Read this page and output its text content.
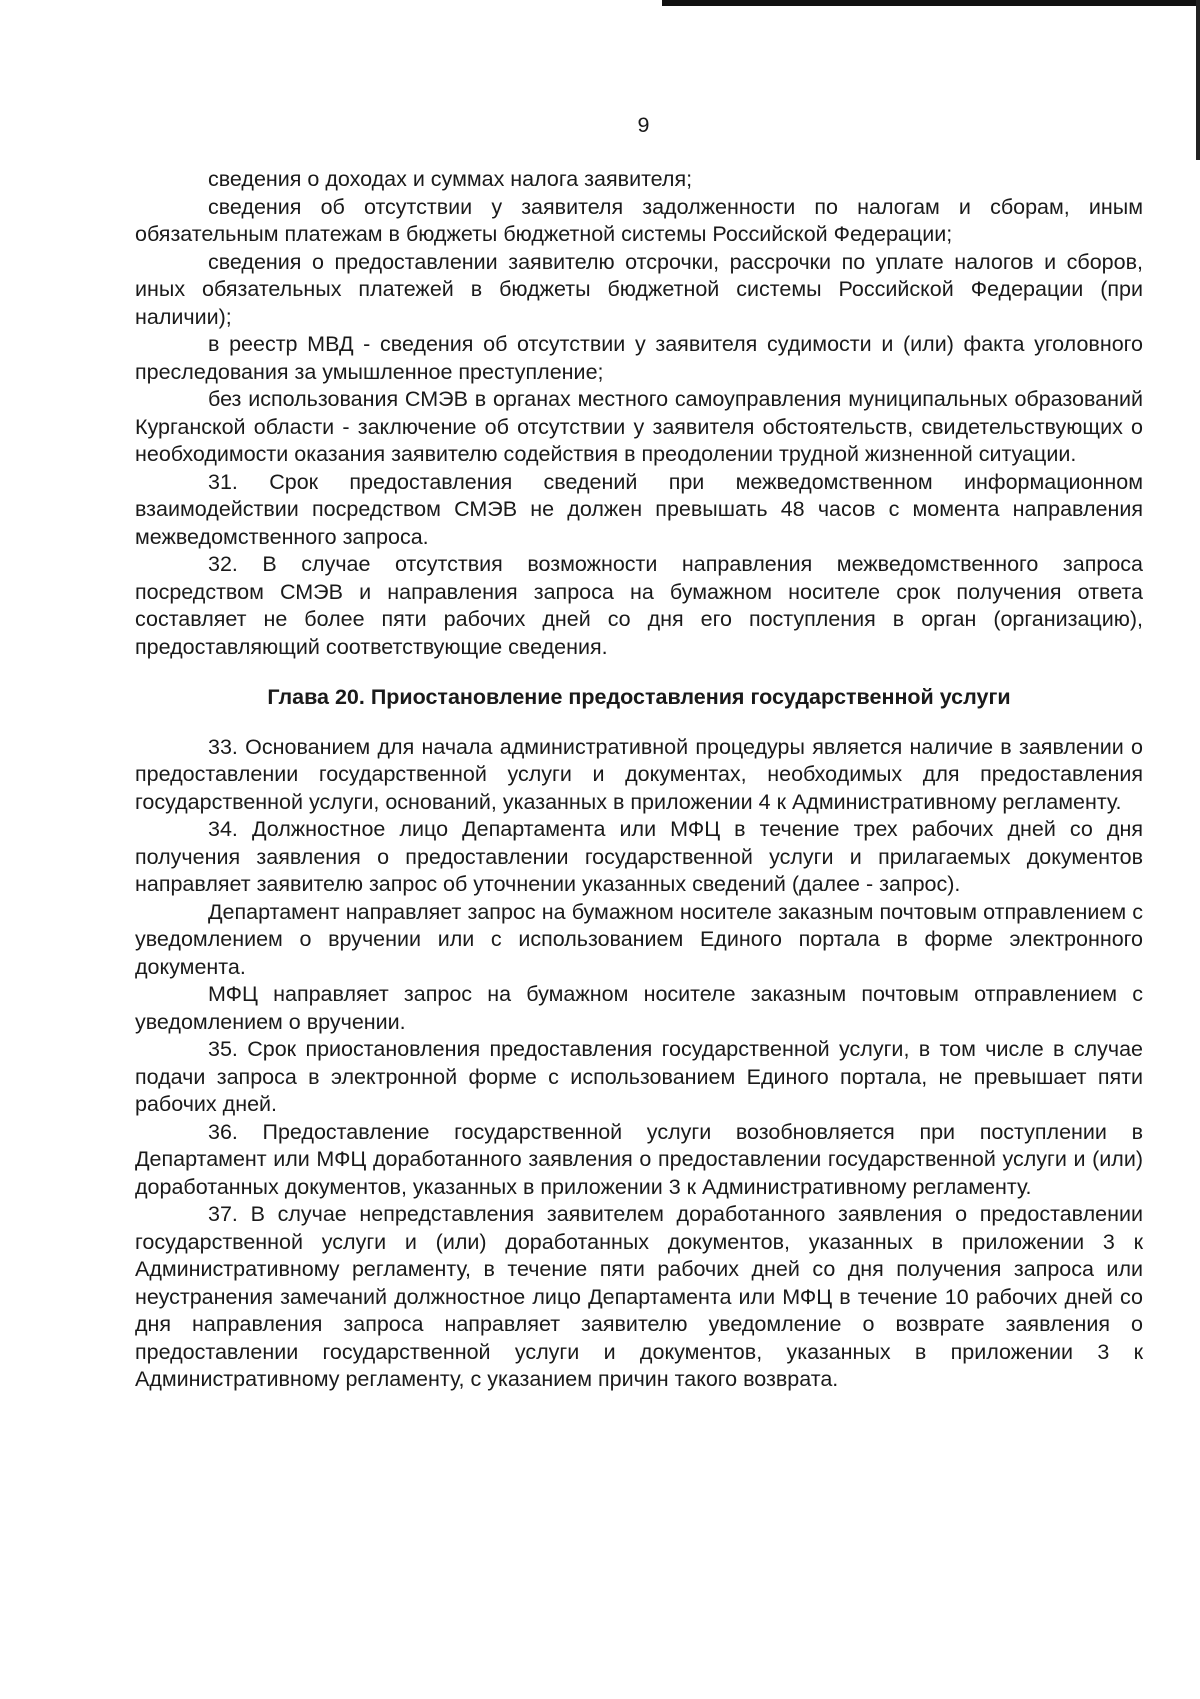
9

сведения о доходах и суммах налога заявителя;

сведения об отсутствии у заявителя задолженности по налогам и сборам, иным обязательным платежам в бюджеты бюджетной системы Российской Федерации;

сведения о предоставлении заявителю отсрочки, рассрочки по уплате налогов и сборов, иных обязательных платежей в бюджеты бюджетной системы Российской Федерации (при наличии);

в реестр МВД - сведения об отсутствии у заявителя судимости и (или) факта уголовного преследования за умышленное преступление;

без использования СМЭВ в органах местного самоуправления муниципальных образований Курганской области - заключение об отсутствии у заявителя обстоятельств, свидетельствующих о необходимости оказания заявителю содействия в преодолении трудной жизненной ситуации.

31. Срок предоставления сведений при межведомственном информационном взаимодействии посредством СМЭВ не должен превышать 48 часов с момента направления межведомственного запроса.

32. В случае отсутствия возможности направления межведомственного запроса посредством СМЭВ и направления запроса на бумажном носителе срок получения ответа составляет не более пяти рабочих дней со дня его поступления в орган (организацию), предоставляющий соответствующие сведения.

Глава 20. Приостановление предоставления государственной услуги

33. Основанием для начала административной процедуры является наличие в заявлении о предоставлении государственной услуги и документах, необходимых для предоставления государственной услуги, оснований, указанных в приложении 4 к Административному регламенту.

34. Должностное лицо Департамента или МФЦ в течение трех рабочих дней со дня получения заявления о предоставлении государственной услуги и прилагаемых документов направляет заявителю запрос об уточнении указанных сведений (далее - запрос).

Департамент направляет запрос на бумажном носителе заказным почтовым отправлением с уведомлением о вручении или с использованием Единого портала в форме электронного документа.

МФЦ направляет запрос на бумажном носителе заказным почтовым отправлением с уведомлением о вручении.

35. Срок приостановления предоставления государственной услуги, в том числе в случае подачи запроса в электронной форме с использованием Единого портала, не превышает пяти рабочих дней.

36. Предоставление государственной услуги возобновляется при поступлении в Департамент или МФЦ доработанного заявления о предоставлении государственной услуги и (или) доработанных документов, указанных в приложении 3 к Административному регламенту.

37. В случае непредставления заявителем доработанного заявления о предоставлении государственной услуги и (или) доработанных документов, указанных в приложении 3 к Административному регламенту, в течение пяти рабочих дней со дня получения запроса или неустранения замечаний должностное лицо Департамента или МФЦ в течение 10 рабочих дней со дня направления запроса направляет заявителю уведомление о возврате заявления о предоставлении государственной услуги и документов, указанных в приложении 3 к Административному регламенту, с указанием причин такого возврата.
